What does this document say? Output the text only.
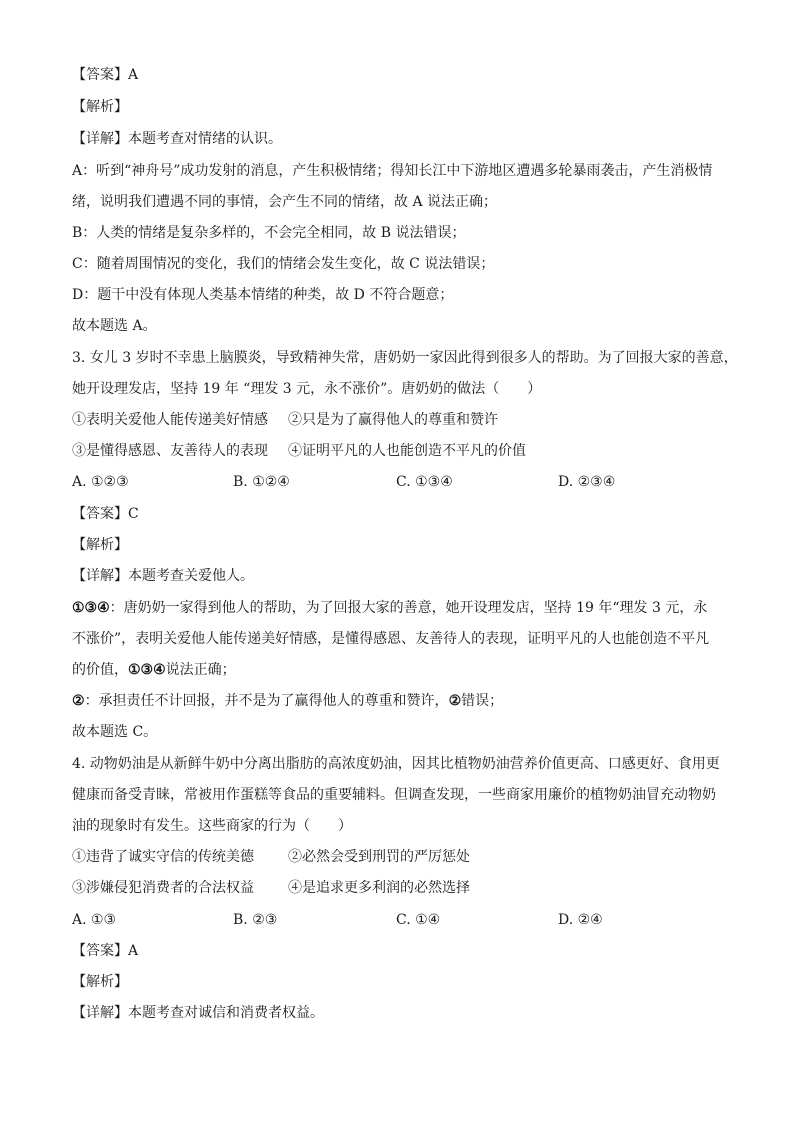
【答案】A
【解析】
【详解】本题考查对情绪的认识。
A：听到“神舟号”成功发射的消息，产生积极情绪；得知长江中下游地区遭遇多轮暴雨袭击，产生消极情
绪，说明我们遭遇不同的事情，会产生不同的情绪，故 A 说法正确；
B：人类的情绪是复杂多样的，不会完全相同，故 B 说法错误；
C：随着周围情况的变化，我们的情绪会发生变化，故 C 说法错误；
D：题干中没有体现人类基本情绪的种类，故 D 不符合题意；
故本题选 A。
3. 女儿 3 岁时不幸患上脑膜炎，导致精神失常，唐奶奶一家因此得到很多人的帮助。为了回报大家的善意，
她开设理发店，坚持 19 年 “理发 3 元，永不涨价”。唐奶奶的做法（　　）
①表明关爱他人能传递美好情感 ②只是为了赢得他人的尊重和赞许
③是懂得感恩、友善待人的表现 ④证明平凡的人也能创造不平凡的价值
A. ①②③	B. ①②④	C. ①③④	D. ②③④
【答案】C
【解析】
【详解】本题考查关爱他人。
①③④：唐奶奶一家得到他人的帮助，为了回报大家的善意，她开设理发店，坚持 19 年“理发 3 元，永
不涨价”，表明关爱他人能传递美好情感，是懂得感恩、友善待人的表现，证明平凡的人也能创造不平凡
的价值，①③④说法正确；
②：承担责任不计回报，并不是为了赢得他人的尊重和赞许，②错误；
故本题选 C。
4. 动物奶油是从新鲜牛奶中分离出脂肪的高浓度奶油，因其比植物奶油营养价值更高、口感更好、食用更
健康而备受青睐，常被用作蛋糕等食品的重要辅料。但调查发现，一些商家用廉价的植物奶油冒充动物奶
油的现象时有发生。这些商家的行为（　　）
①违背了诚实守信的传统美德 ②必然会受到刑罚的严厉惩处
③涉嫌侵犯消费者的合法权益 ④是追求更多利润的必然选择
A. ①③	B. ②③	C. ①④	D. ②④
【答案】A
【解析】
【详解】本题考查对诚信和消费者权益。
